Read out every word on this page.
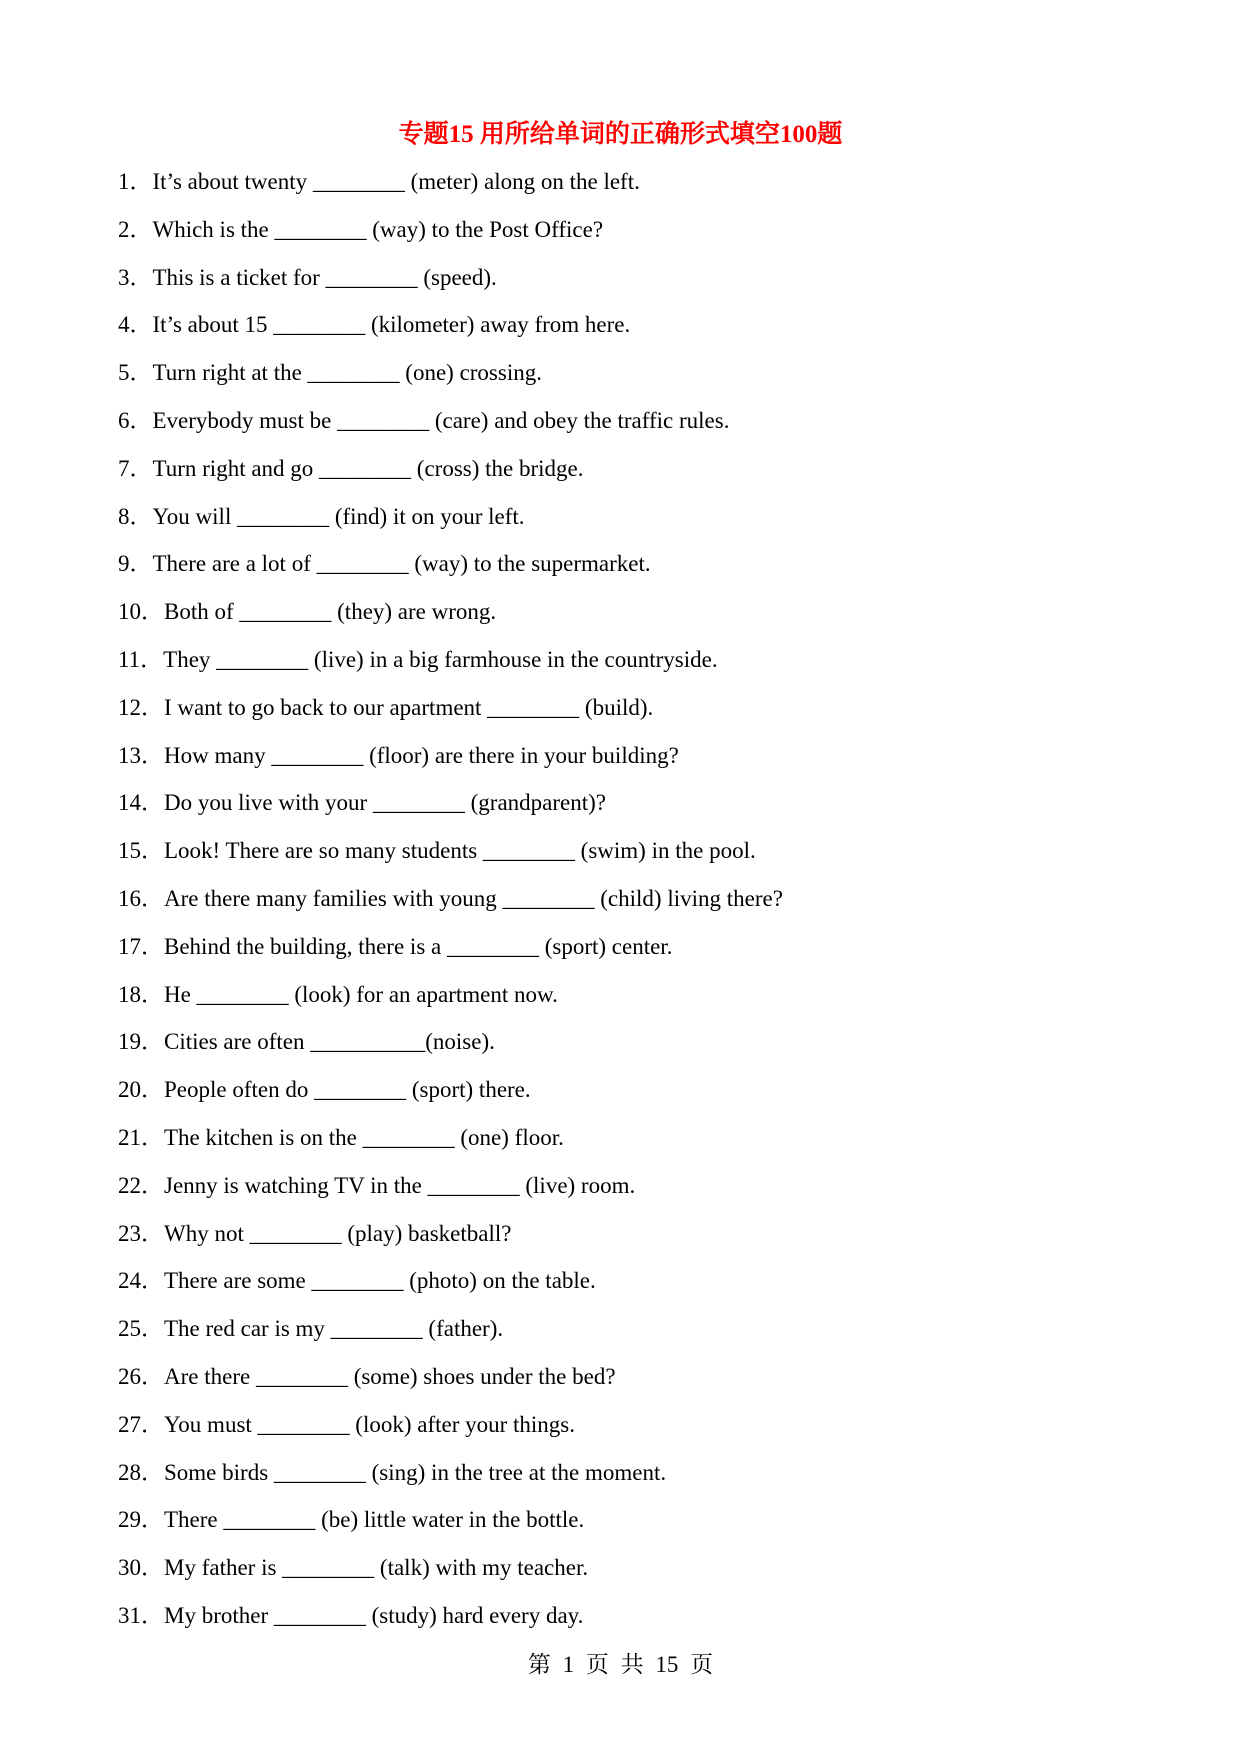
专题15 用所给单词的正确形式填空100题
1．It’s about twenty ________ (meter) along on the left.
2．Which is the ________ (way) to the Post Office?
3．This is a ticket for ________ (speed).
4．It’s about 15 ________ (kilometer) away from here.
5．Turn right at the ________ (one) crossing.
6．Everybody must be ________ (care) and obey the traffic rules.
7．Turn right and go ________ (cross) the bridge.
8．You will ________ (find) it on your left.
9．There are a lot of ________ (way) to the supermarket.
10．Both of ________ (they) are wrong.
11．They ________ (live) in a big farmhouse in the countryside.
12．I want to go back to our apartment ________ (build).
13．How many ________ (floor) are there in your building?
14．Do you live with your ________ (grandparent)?
15．Look! There are so many students ________ (swim) in the pool.
16．Are there many families with young ________ (child) living there?
17．Behind the building, there is a ________ (sport) center.
18．He ________ (look) for an apartment now.
19．Cities are often __________(noise).
20．People often do ________ (sport) there.
21．The kitchen is on the ________ (one) floor.
22．Jenny is watching TV in the ________ (live) room.
23．Why not ________ (play) basketball?
24．There are some ________ (photo) on the table.
25．The red car is my ________ (father).
26．Are there ________ (some) shoes under the bed?
27．You must ________ (look) after your things.
28．Some birds ________ (sing) in the tree at the moment.
29．There ________ (be) little water in the bottle.
30．My father is ________ (talk) with my teacher.
31．My brother ________ (study) hard every day.
第 1 页 共 15 页
